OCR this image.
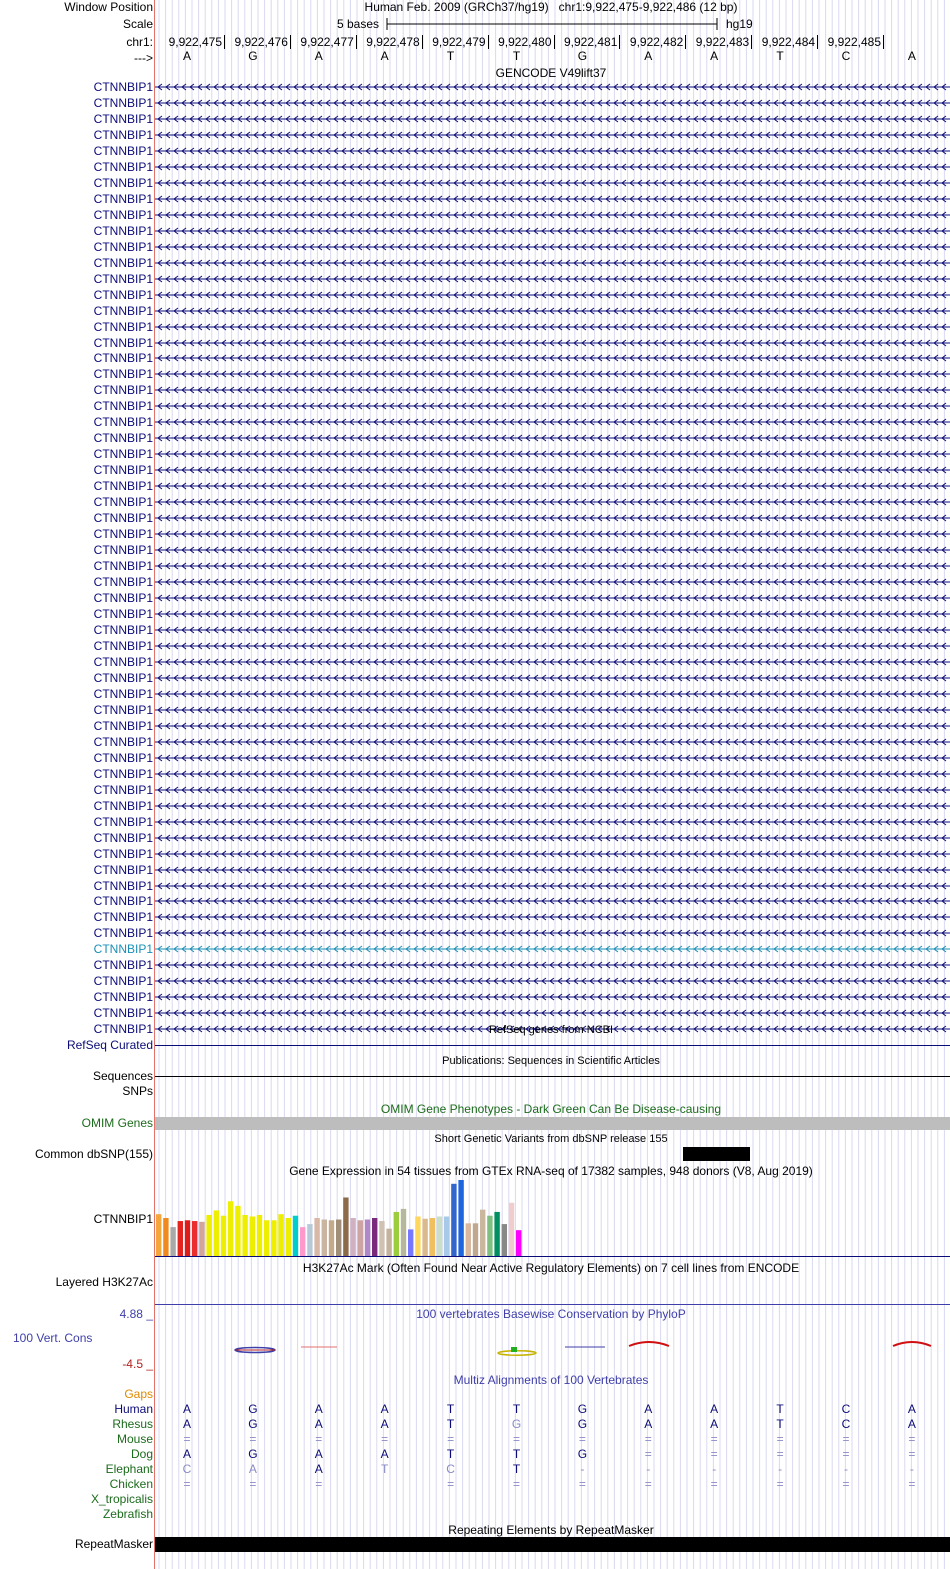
Window Position	Human Feb. 2009 (GRCh37/hg19) chr1:9,922,475-9,922,486 (12 bp)
Scale	5 bases	hg19
chr1:	9,922,475	9,922,476	9,922,477	9,922,478	9,922,479	9,922,480	9,922,481	9,922,482	9,922,483	9,922,484	9,922,485
---> A	G	A	A	T	T	G	A	A	T	C	A
GENCODE V49lift37
CTNNBIP1
CTNNBIP1
CTNNBIP1
CTNNBIP1
CTNNBIP1
CTNNBIP1
CTNNBIP1
CTNNBIP1
CTNNBIP1
CTNNBIP1
CTNNBIP1
CTNNBIP1
CTNNBIP1
CTNNBIP1
CTNNBIP1
CTNNBIP1
CTNNBIP1
CTNNBIP1
CTNNBIP1
CTNNBIP1
CTNNBIP1
CTNNBIP1
CTNNBIP1
CTNNBIP1
CTNNBIP1
CTNNBIP1
CTNNBIP1
CTNNBIP1
CTNNBIP1
CTNNBIP1
CTNNBIP1
CTNNBIP1
CTNNBIP1
CTNNBIP1
CTNNBIP1
CTNNBIP1
CTNNBIP1
CTNNBIP1
CTNNBIP1
CTNNBIP1
CTNNBIP1
CTNNBIP1
CTNNBIP1
CTNNBIP1
CTNNBIP1
CTNNBIP1
CTNNBIP1
CTNNBIP1
CTNNBIP1
CTNNBIP1
CTNNBIP1
CTNNBIP1
CTNNBIP1
CTNNBIP1
CTNNBIP1
CTNNBIP1
CTNNBIP1
CTNNBIP1
CTNNBIP1
CTNNBIP1	RefSeq genes from NCBI
RefSeq Curated
Publications: Sequences in Scientific Articles
Sequences
SNPs
OMIM Gene Phenotypes - Dark Green Can Be Disease-causing
OMIM Genes
Short Genetic Variants from dbSNP release 155
Common dbSNP(155)
Gene Expression in 54 tissues from GTEx RNA-seq of 17382 samples, 948 donors (V8, Aug 2019)
CTNNBIP1
H3K27Ac Mark (Often Found Near Active Regulatory Elements) on 7 cell lines from ENCODE
Layered H3K27Ac
100 vertebrates Basewise Conservation by PhyloP
4.88 _
100 Vert. Cons
-4.5 _
Multiz Alignments of 100 Vertebrates
Gaps
Human A	G	A	A	T	T	G	A	A	T	C	A
Rhesus A	G	A	A	T	G	G	A	A	T	C	A
Mouse	=	=	=	=	=	=	=	=	=	=	=	=
Dog A	G	A	A	T	T	G	=	=	=	=	=
Elephant C	A	A	T	C	T	-	-	-	-	-	-
Chicken	=	=	=	=	=	=	=	=	=	=	=
X_tropicalis
Zebrafish
Repeating Elements by RepeatMasker
RepeatMasker
